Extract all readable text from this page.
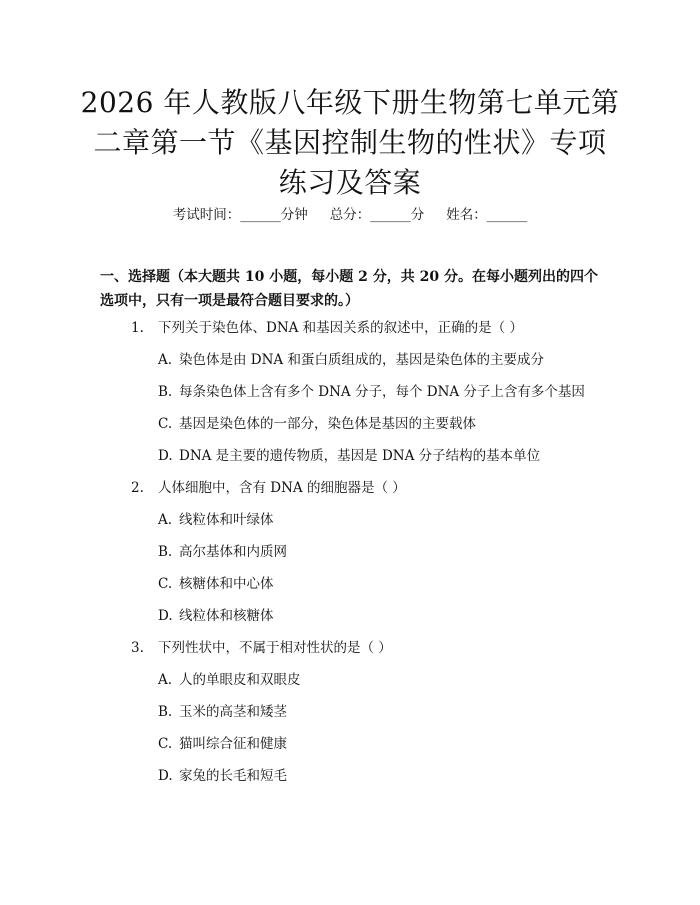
2026 年人教版八年级下册生物第七单元第二章第一节《基因控制生物的性状》专项练习及答案
考试时间：______分钟 总分：______分 姓名：______

一、选择题（本大题共 10 小题，每小题 2 分，共 20 分。在每小题列出的四个选项中，只有一项是最符合题目要求的。）

1. 下列关于染色体、DNA 和基因关系的叙述中，正确的是（ ）
A. 染色体是由 DNA 和蛋白质组成的，基因是染色体的主要成分
B. 每条染色体上含有多个 DNA 分子，每个 DNA 分子上含有多个基因
C. 基因是染色体的一部分，染色体是基因的主要载体
D. DNA 是主要的遗传物质，基因是 DNA 分子结构的基本单位
2. 人体细胞中，含有 DNA 的细胞器是（ ）
A. 线粒体和叶绿体
B. 高尔基体和内质网
C. 核糖体和中心体
D. 线粒体和核糖体
3. 下列性状中，不属于相对性状的是（ ）
A. 人的单眼皮和双眼皮
B. 玉米的高茎和矮茎
C. 猫叫综合征和健康
D. 家兔的长毛和短毛
